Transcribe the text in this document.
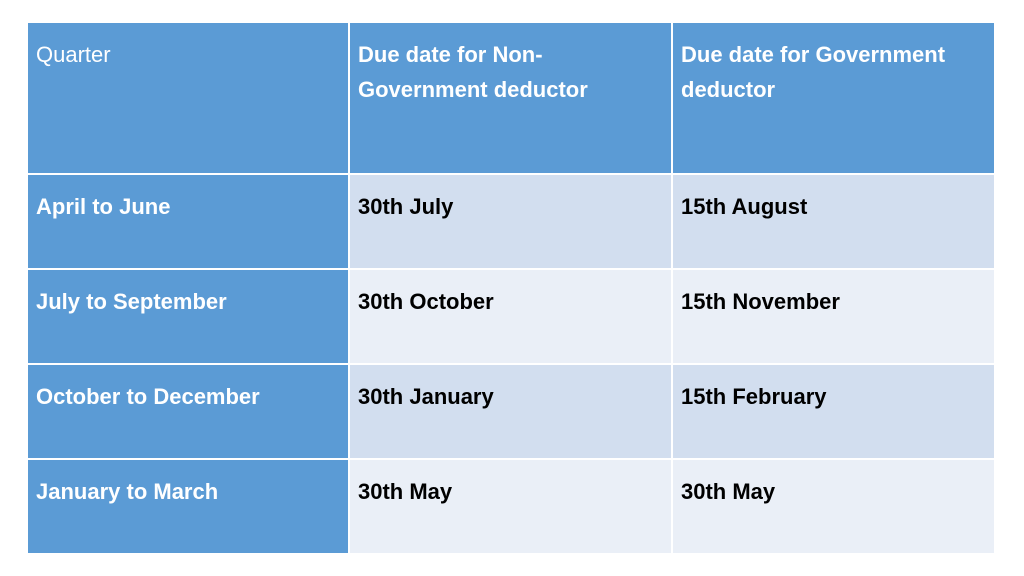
Quarter	Due date for Non-Government deductor	Due date for Government deductor
April to June	30th July	15th August
July to September	30th October	15th November
October to December	30th January	15th February
January to March	30th May	30th May
